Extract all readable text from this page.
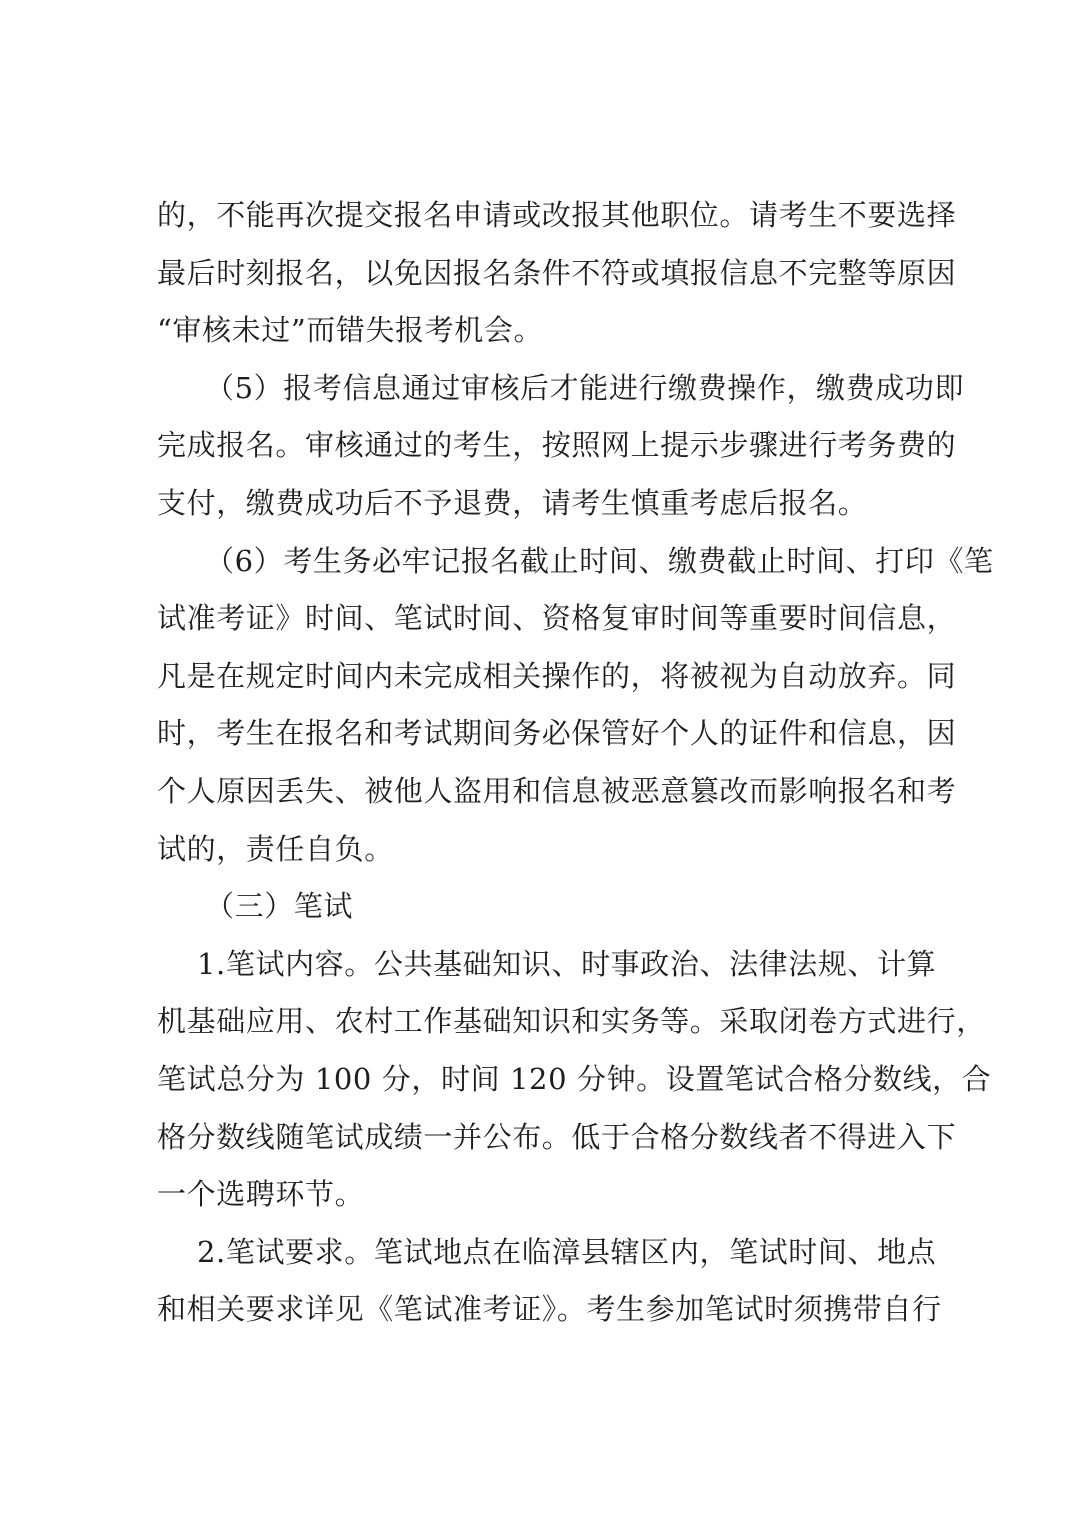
的，不能再次提交报名申请或改报其他职位。请考生不要选择
最后时刻报名，以免因报名条件不符或填报信息不完整等原因
“审核未过”而错失报考机会。
（5）报考信息通过审核后才能进行缴费操作，缴费成功即
完成报名。审核通过的考生，按照网上提示步骤进行考务费的
支付，缴费成功后不予退费，请考生慎重考虑后报名。
（6）考生务必牢记报名截止时间、缴费截止时间、打印《笔
试准考证》时间、笔试时间、资格复审时间等重要时间信息，
凡是在规定时间内未完成相关操作的，将被视为自动放弃。同
时，考生在报名和考试期间务必保管好个人的证件和信息，因
个人原因丢失、被他人盗用和信息被恶意篡改而影响报名和考
试的，责任自负。
（三）笔试
1.笔试内容。公共基础知识、时事政治、法律法规、计算
机基础应用、农村工作基础知识和实务等。采取闭卷方式进行，
笔试总分为 100 分，时间 120 分钟。设置笔试合格分数线，合
格分数线随笔试成绩一并公布。低于合格分数线者不得进入下
一个选聘环节。
2.笔试要求。笔试地点在临漳县辖区内，笔试时间、地点
和相关要求详见《笔试准考证》。考生参加笔试时须携带自行
